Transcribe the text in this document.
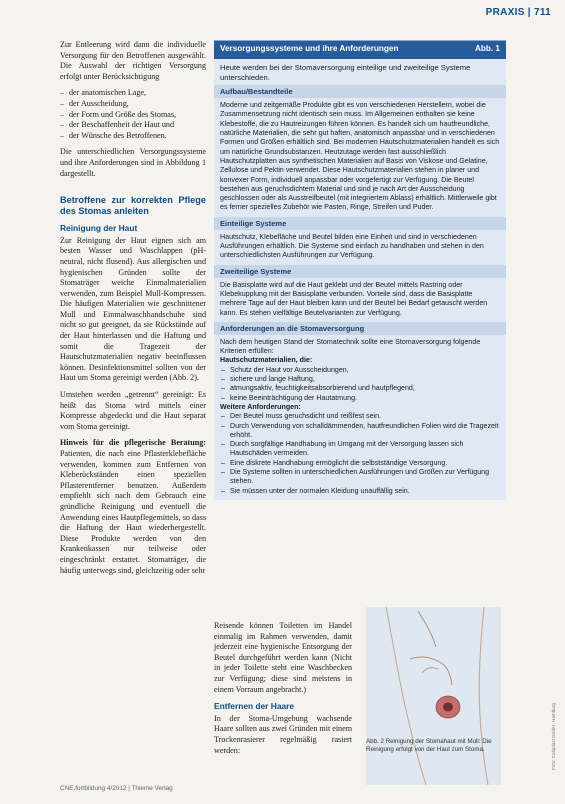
PRAXIS | 711

Zur Entleerung wird dann die individuelle Versorgung für den Betroffenen ausgewählt. Die Auswahl der richtigen Versorgung erfolgt unter Berücksichtigung

– der anatomischen Lage,
– der Ausscheidung,
– der Form und Größe des Stomas,
– der Beschaffenheit der Haut und
– der Wünsche des Betroffenen.

Die unterschiedlichen Versorgungssysteme und ihre Anforderungen sind in Abbildung 1 dargestellt.

Betroffene zur korrekten Pflege des Stomas anleiten
Reinigung der Haut

Zur Reinigung der Haut eignen sich am besten Wasser und Waschlappen (pH-neutral, nicht flusend). Aus allergischen und hygienischen Gründen sollte der Stomaträger weiche Einmalmaterialien verwenden, zum Beispiel Mull-Kompressen. Die häufigen Materialien wie geschnittener Mull und Einmalwaschhandschuhe sind nicht so gut geeignet, da sie Rückstände auf der Haut hinterlassen und die Haftung und somit die Tragezeit der Hautschutzmaterialien negativ beeinflussen können. Desinfektionsmittel sollten von der Haut um Stoma gereinigt werden (Abb. 2).

Umstehen werden „getrennt“ gereinigt: Es heißt das Stoma wird mittels einer Kompresse abgedeckt und die Haut separat vom Stoma gereinigt.

Hinweis für die pflegerische Beratung: Patienten, die nach eine Pflasterklebefläche verwenden, kommen zum Entfernen von Kleberückständen einen speziellen Pflasterentferner benutzen. Außerdem empfiehlt sich nach dem Gebrauch eine gründliche Reinigung und eventuell die Anwendung eines Hautpflegemittels, so dass die Haftung der Haut wiederhergestellt. Diese Produkte werden von den Krankenkassen nur teilweise oder eingeschränkt erstattet. Stomaträger, die häufig unterwegs sind, gleichzeitig oder sehr

Versorgungssysteme und ihre Anforderungen	Abb. 1
Heute werden bei der Stomaversorgung einteilige und zweiteilige Systeme unterschieden.
Aufbau/Bestandteile
Moderne und zeitgemäße Produkte gibt es von verschiedenen Herstellern, wobei die Zusammensetzung nicht identisch sein muss. Im Allgemeinen enthalten sie keine Klebestoffe, die zu Hautreizungen führen können. Es handelt sich um hautfreundliche, natürliche Materialien, die sehr gut haften, anatomisch anpassbar und in verschiedenen Formen und Größen erhältlich sind. Bei modernen Hautschutzmaterialien handelt es sich um natürliche Grundsubstanzen. Heutzutage werden fast ausschließlich Hautschutzplatten aus synthetischen Materialien auf Basis von Viskose und Gelatine, Zellulose und Pektin verwendet. Diese Hautschutzmaterialien stehen in planer und konvexer Form, individuell anpassbar oder vorgefertigt zur Verfügung. Die Beutel bestehen aus geruchsdichtem Material und sind je nach Art der Ausscheidung geschlossen oder als Ausstreifbeutel (mit integriertem Ablass) erhältlich. Mittlerweile gibt es ferner spezielles Zubehör wie Pasten, Ringe, Streifen und Puder.
Einteilige Systeme
Hautschutz, Klebefläche und Beutel bilden eine Einheit und sind in verschiedenen Ausführungen erhältlich. Die Systeme sind einfach zu handhaben und stehen in den unterschiedlichsten Ausführungen zur Verfügung.
Zweiteilige Systeme
Die Basisplatte wird auf die Haut geklebt und der Beutel mittels Rastring oder Klebekupplung mit der Basisplatte verbunden. Vorteile sind, dass die Basisplatte mehrere Tage auf der Haut bleiben kann und der Beutel bei Bedarf getauscht werden kann. Es stehen vielfältige Beutelvarianten zur Verfügung.
Anforderungen an die Stomaversorgung
Nach dem heutigen Stand der Stomatechnik sollte eine Stomaversorgung folgende Kriterien erfüllen:
Hautschutzmaterialien, die:
– Schutz der Haut vor Ausscheidungen,
– sichere und lange Haftung,
– atmungsaktiv, feuchtigkeitsabsorbierend und hautpflegend,
– keine Beeinträchtigung der Hautatmung.
Weitere Anforderungen:
– Der Beutel muss geruchsdicht und reißfest sein.
– Durch Verwendung von schalldämmenden, hautfreundlichen Folien wird die Tragezeit erhöht.
– Durch sorgfältige Handhabung im Umgang mit der Versorgung lassen sich Hautschäden vermeiden.
– Eine diskrete Handhabung ermöglicht die selbstständige Versorgung.
– Die Systeme sollten in unterschiedlichen Ausführungen und Größen zur Verfügung stehen.
– Sie müssen unter der normalen Kleidung unauffällig sein.

Reisende können Toiletten im Handel einmalig im Rahmen verwenden, damit jederzeit eine hygienische Entsorgung der Beutel durchgeführt werden kann (Nicht in jeder Toilette steht eine Waschbecken zur Verfügung; diese sind meistens in einem Vorraum angebracht.)

Entfernen der Haare

In der Stoma-Umgebung wachsende Haare sollten aus zwei Gründen mit einem Trockenrasierer regelmäßig rasiert werden:

Abb. 2 Reinigung der Stomahaut mit Mull: Die Reinigung erfolgt von der Haut zum Stoma.	Foto: Coloplast GmbH, Hamburg
CNE.fortbildung 4/2012 | Thieme Verlag
